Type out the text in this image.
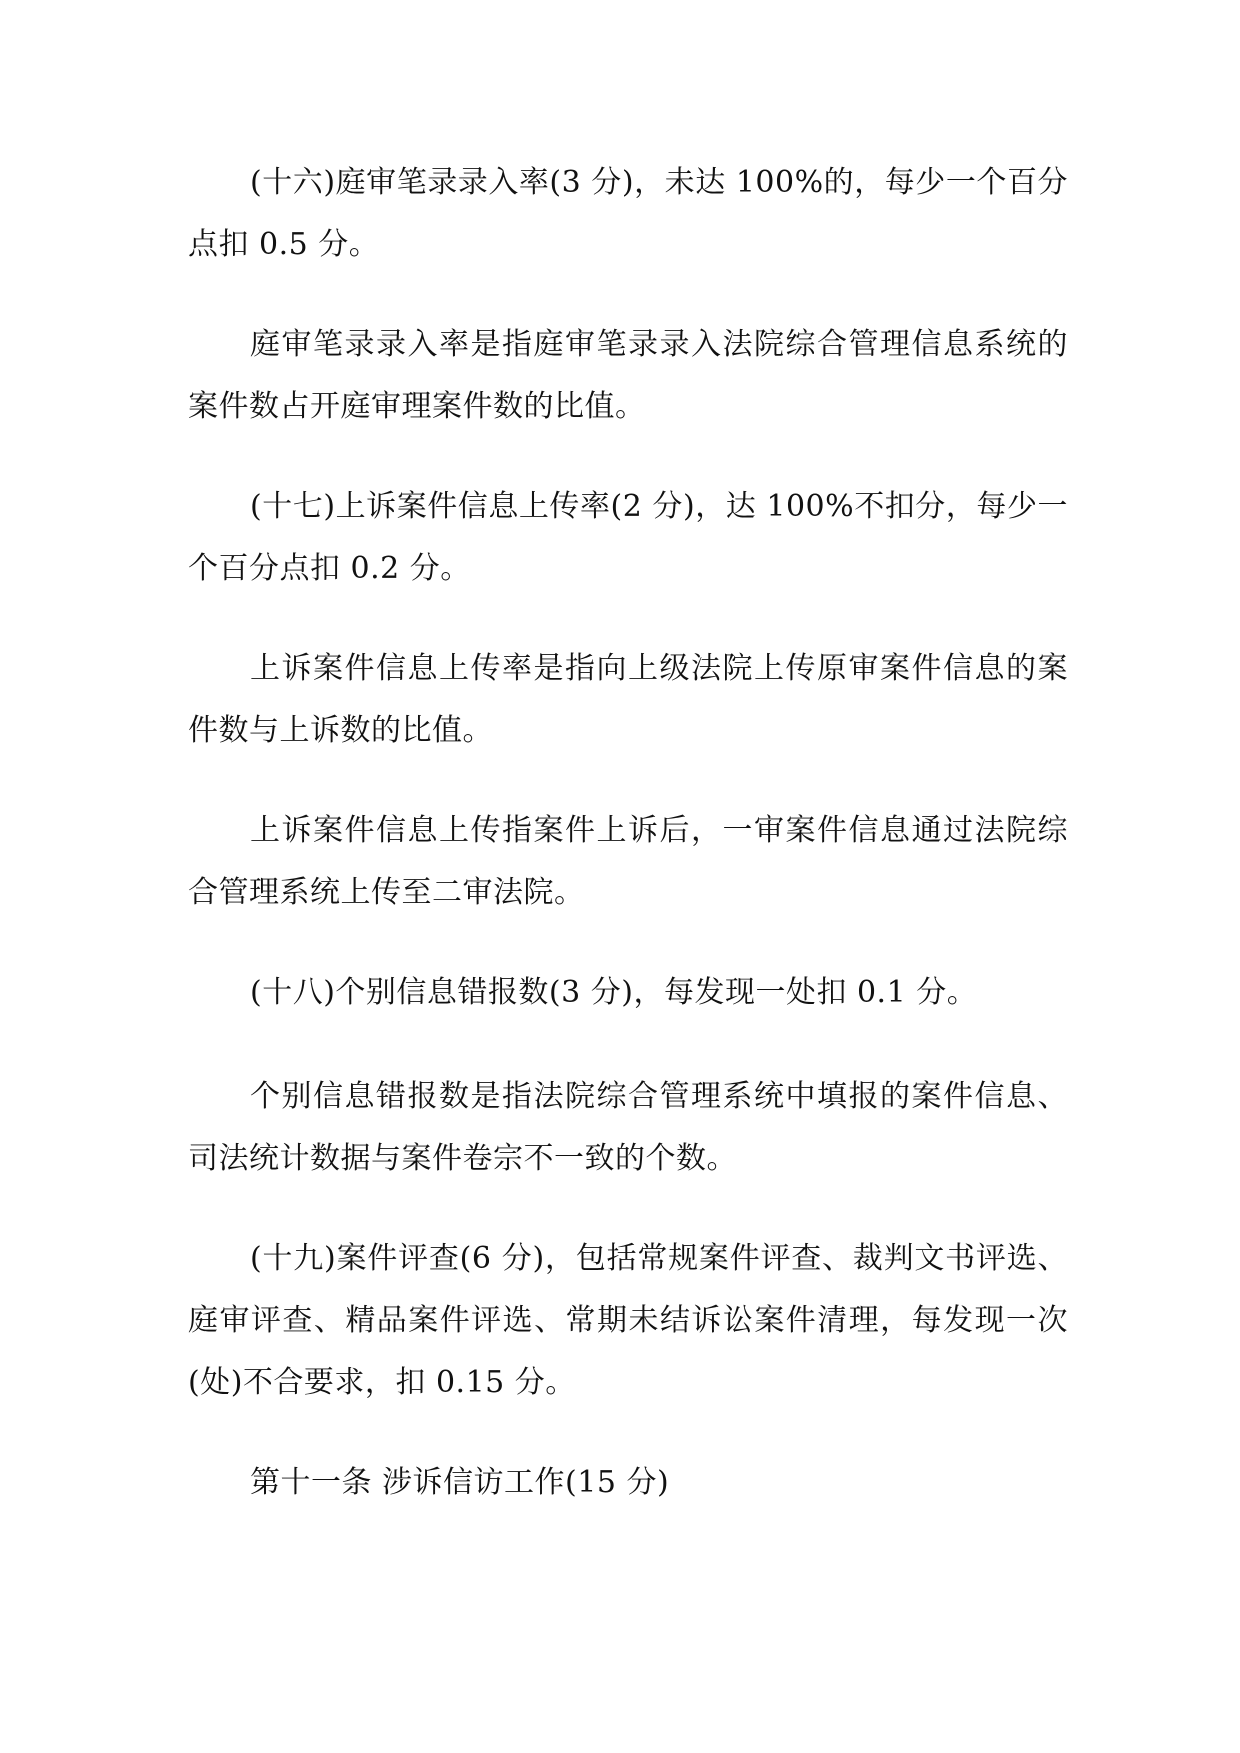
(十六)庭审笔录录入率(3 分)，未达 100%的，每少一个百分点扣 0.5 分。

庭审笔录录入率是指庭审笔录录入法院综合管理信息系统的案件数占开庭审理案件数的比值。

(十七)上诉案件信息上传率(2 分)，达 100%不扣分，每少一个百分点扣 0.2 分。

上诉案件信息上传率是指向上级法院上传原审案件信息的案件数与上诉数的比值。

上诉案件信息上传指案件上诉后，一审案件信息通过法院综合管理系统上传至二审法院。

(十八)个别信息错报数(3 分)，每发现一处扣 0.1 分。

个别信息错报数是指法院综合管理系统中填报的案件信息、司法统计数据与案件卷宗不一致的个数。

(十九)案件评查(6 分)，包括常规案件评查、裁判文书评选、庭审评查、精品案件评选、常期未结诉讼案件清理，每发现一次(处)不合要求，扣 0.15 分。

第十一条 涉诉信访工作(15 分)
